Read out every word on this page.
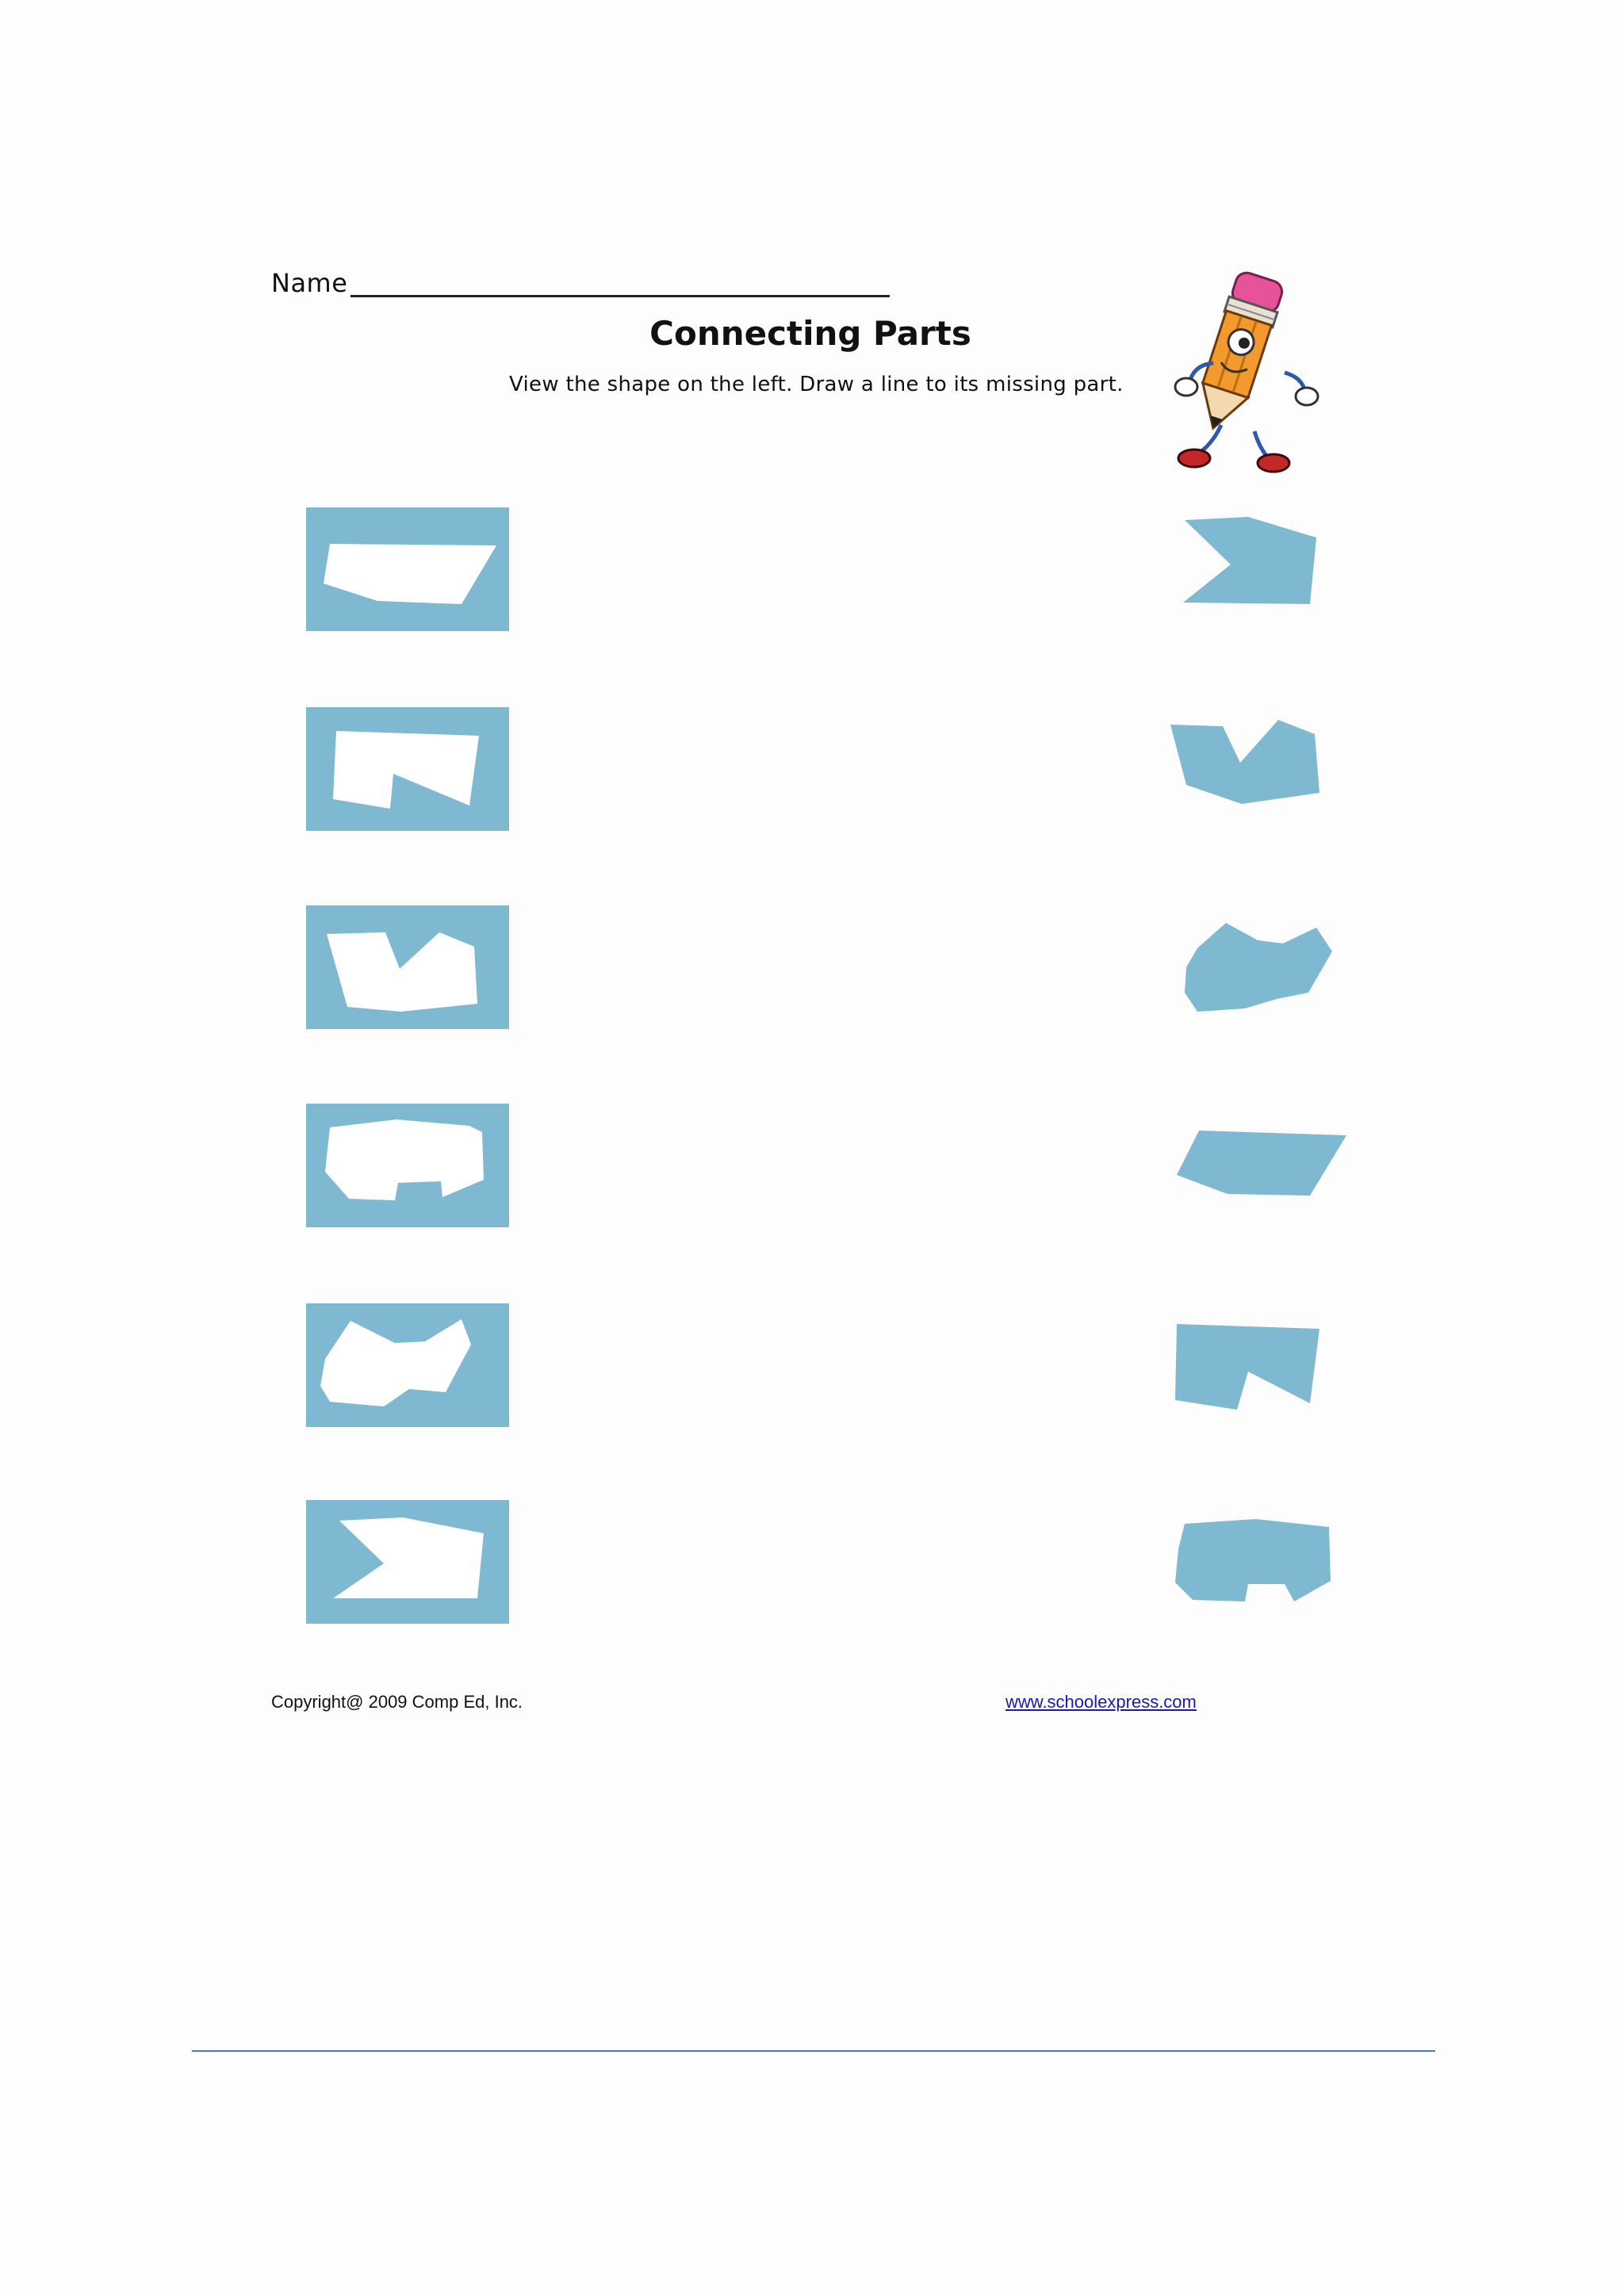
Name
Connecting Parts
View the shape on the left. Draw a line to its missing part.
Copyright@ 2009 Comp Ed, Inc.	www.schoolexpress.com
